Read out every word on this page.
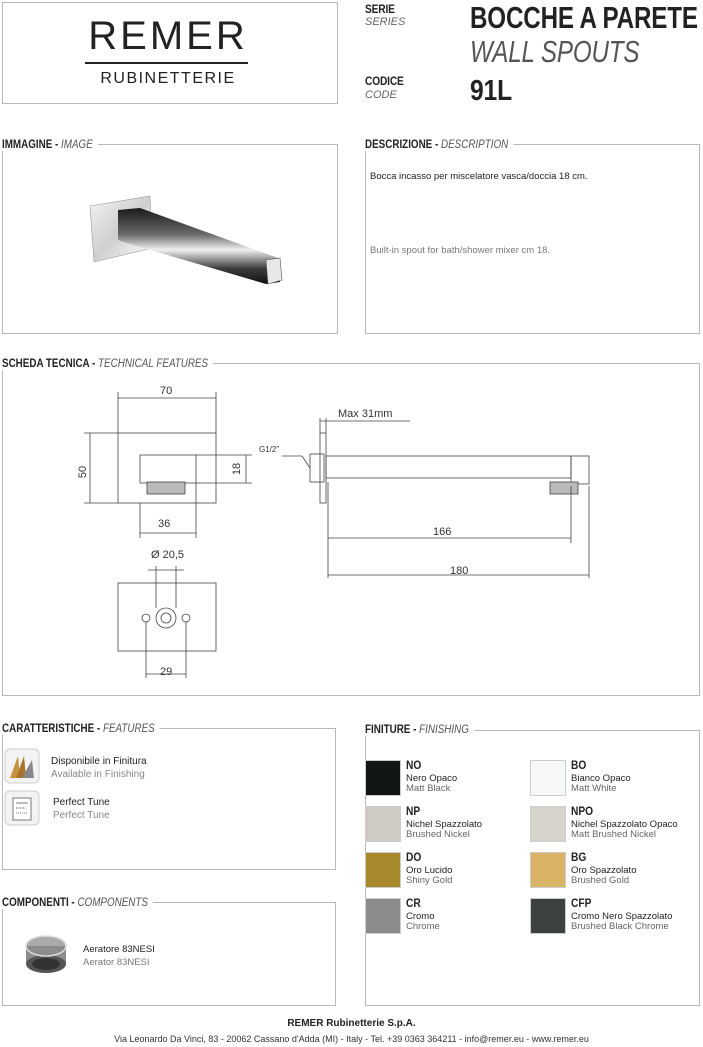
REMER
RUBINETTERIE
SERIE
SERIES BOCCHE A PARETE
WALL SPOUTS
CODICE
CODE	91L
IMMAGINE - IMAGE	DESCRIZIONE - DESCRIPTION
Bocca incasso per miscelatore vasca/doccia 18 cm.
Built-in spout for bath/shower mixer cm 18.
SCHEDA TECNICA - TECHNICAL FEATURES
70
50	18
36
Max 31mm
G1/2"
166
180
Ø 20,5
29
CARATTERISTICHE - FEATURES
Disponibile in Finitura
Available in Finishing
Perfect Tune
Perfect Tune
COMPONENTI - COMPONENTS
Aeratore 83NESI
Aerator 83NESI
FINITURE - FINISHING
NO
Nero Opaco
Matt Black
BO
Bianco Opaco
Matt White
NP
Nichel Spazzolato
Brushed Nickel
NPO
Nichel Spazzolato Opaco
Matt Brushed Nickel
DO
Oro Lucido
Shiny Gold
BG
Oro Spazzolato
Brushed Gold
CR
Cromo
Chrome
CFP
Cromo Nero Spazzolato
Brushed Black Chrome
REMER Rubinetterie S.p.A.
Via Leonardo Da Vinci, 83 - 20062 Cassano d'Adda (MI) - Italy - Tel. +39 0363 364211 - info@remer.eu - www.remer.eu
